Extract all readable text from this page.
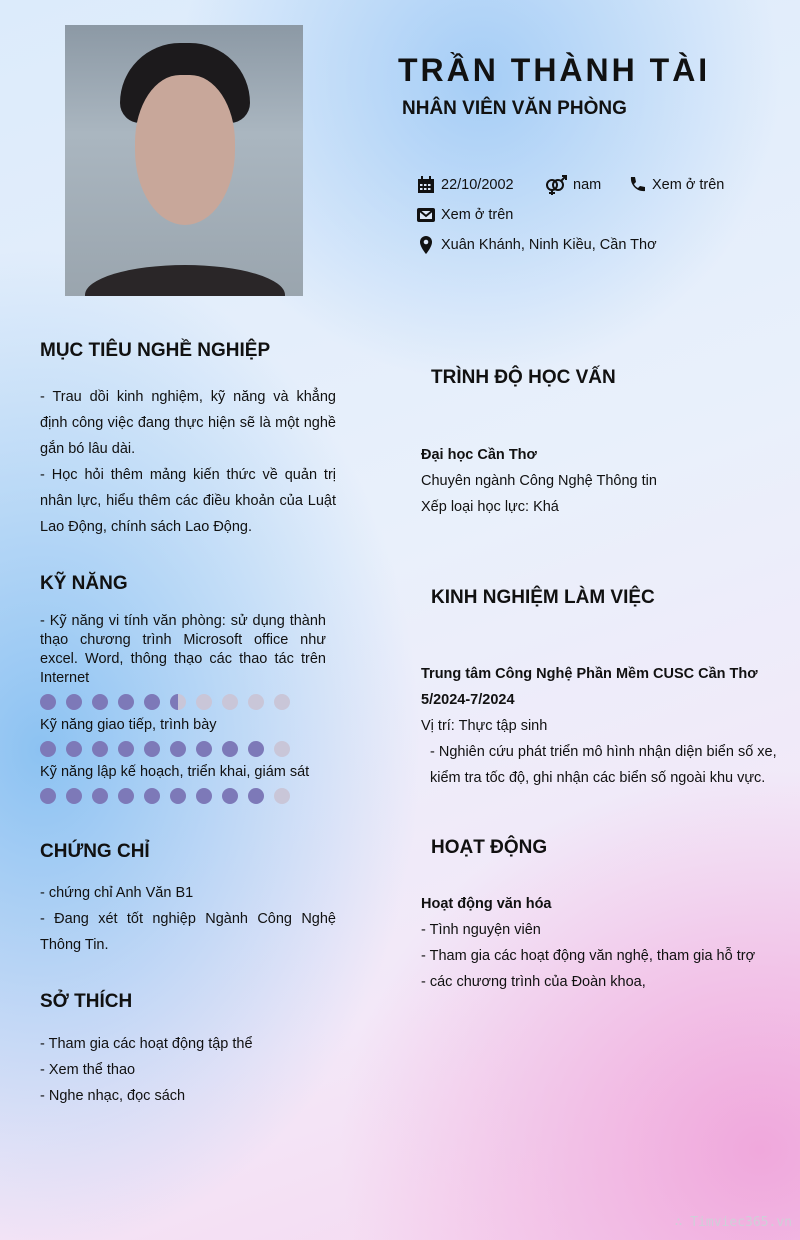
TRẦN THÀNH TÀI
NHÂN VIÊN VĂN PHÒNG
22/10/2002	nam	Xem ở trên
Xem ở trên
Xuân Khánh, Ninh Kiều, Cần Thơ
MỤC TIÊU NGHỀ NGHIỆP
- Trau dồi kinh nghiệm, kỹ năng và khẳng định công việc đang thực hiện sẽ là một nghề gắn bó lâu dài.
- Học hỏi thêm mảng kiến thức về quản trị nhân lực, hiểu thêm các điều khoản của Luật Lao Động, chính sách Lao Động.
KỸ NĂNG
- Kỹ năng vi tính văn phòng: sử dụng thành thạo chương trình Microsoft office như excel. Word, thông thạo các thao tác trên Internet
Kỹ năng giao tiếp, trình bày
Kỹ năng lập kế hoạch, triển khai, giám sát
CHỨNG CHỈ
- chứng chỉ Anh Văn B1
- Đang xét tốt nghiệp Ngành Công Nghệ Thông Tin.
SỞ THÍCH
- Tham gia các hoạt động tập thể
- Xem thể thao
- Nghe nhạc, đọc sách
TRÌNH ĐỘ HỌC VẤN
Đại học Cần Thơ
Chuyên ngành Công Nghệ Thông tin
Xếp loại học lực: Khá
KINH NGHIỆM LÀM VIỆC
Trung tâm Công Nghệ Phần Mềm CUSC Cần Thơ
5/2024-7/2024
Vị trí: Thực tập sinh
- Nghiên cứu phát triển mô hình nhận diện biển số xe, kiểm tra tốc độ, ghi nhận các biển số ngoài khu vực.
HOẠT ĐỘNG
Hoạt động văn hóa
- Tình nguyện viên
- Tham gia các hoạt động văn nghệ, tham gia hỗ trợ
- các chương trình của Đoàn khoa,
∴ Timviec365.vn
